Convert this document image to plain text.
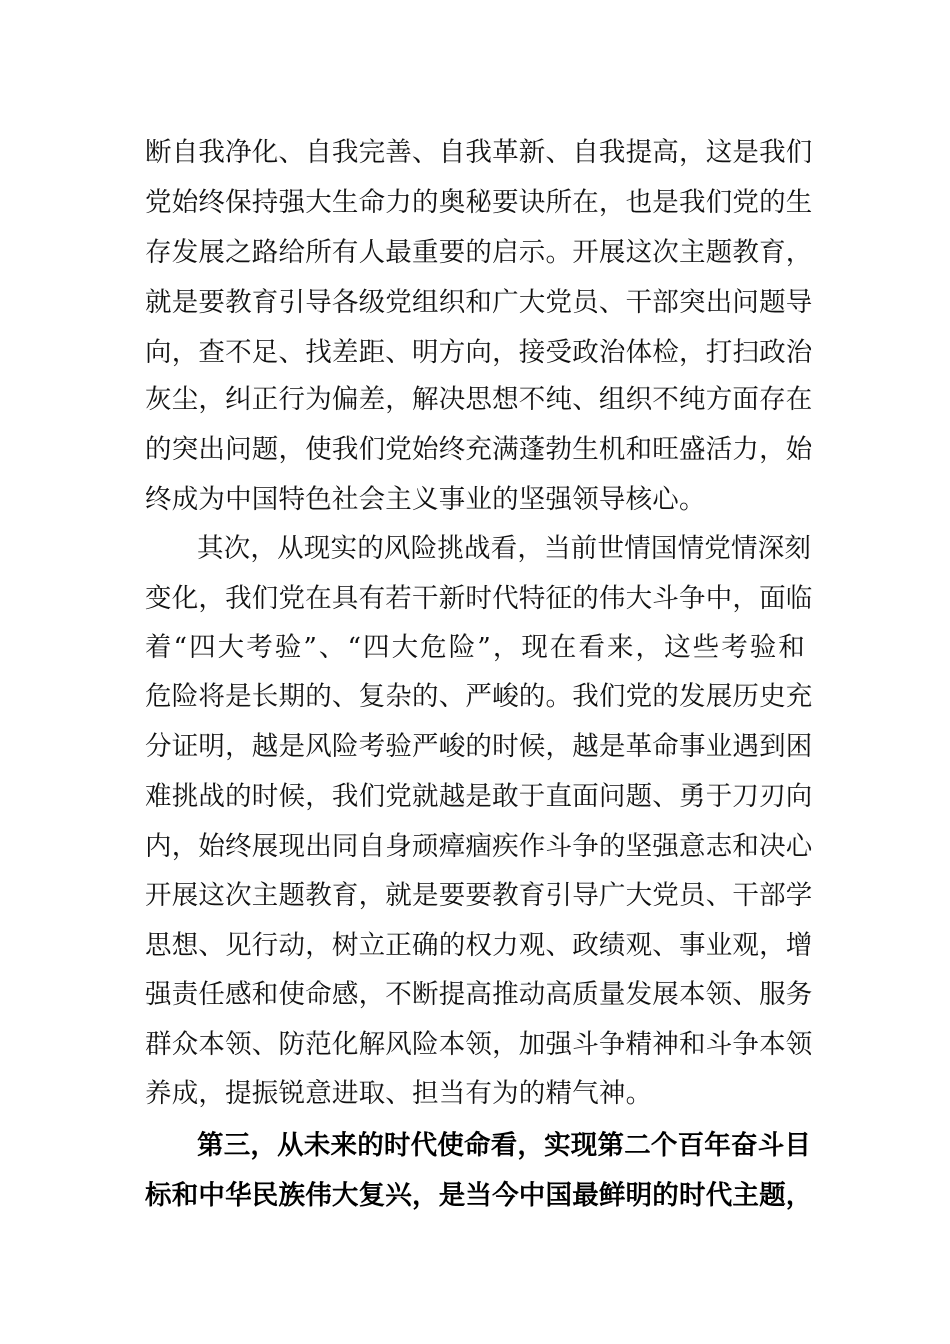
断自我净化、自我完善、自我革新、自我提高，这是我们
党始终保持强大生命力的奥秘要诀所在，也是我们党的生
存发展之路给所有人最重要的启示。开展这次主题教育，
就是要教育引导各级党组织和广大党员、干部突出问题导
向，查不足、找差距、明方向，接受政治体检，打扫政治
灰尘，纠正行为偏差，解决思想不纯、组织不纯方面存在
的突出问题，使我们党始终充满蓬勃生机和旺盛活力，始
终成为中国特色社会主义事业的坚强领导核心。
其次，从现实的风险挑战看，当前世情国情党情深刻
变化，我们党在具有若干新时代特征的伟大斗争中，面临
着“四大考验”、“四大危险”，现在看来，这些考验和
危险将是长期的、复杂的、严峻的。我们党的发展历史充
分证明，越是风险考验严峻的时候，越是革命事业遇到困
难挑战的时候，我们党就越是敢于直面问题、勇于刀刃向
内，始终展现出同自身顽瘴痼疾作斗争的坚强意志和决心
开展这次主题教育，就是要要教育引导广大党员、干部学
思想、见行动，树立正确的权力观、政绩观、事业观，增
强责任感和使命感，不断提高推动高质量发展本领、服务
群众本领、防范化解风险本领，加强斗争精神和斗争本领
养成，提振锐意进取、担当有为的精气神。
第三，从未来的时代使命看，实现第二个百年奋斗目
标和中华民族伟大复兴，是当今中国最鲜明的时代主题，
